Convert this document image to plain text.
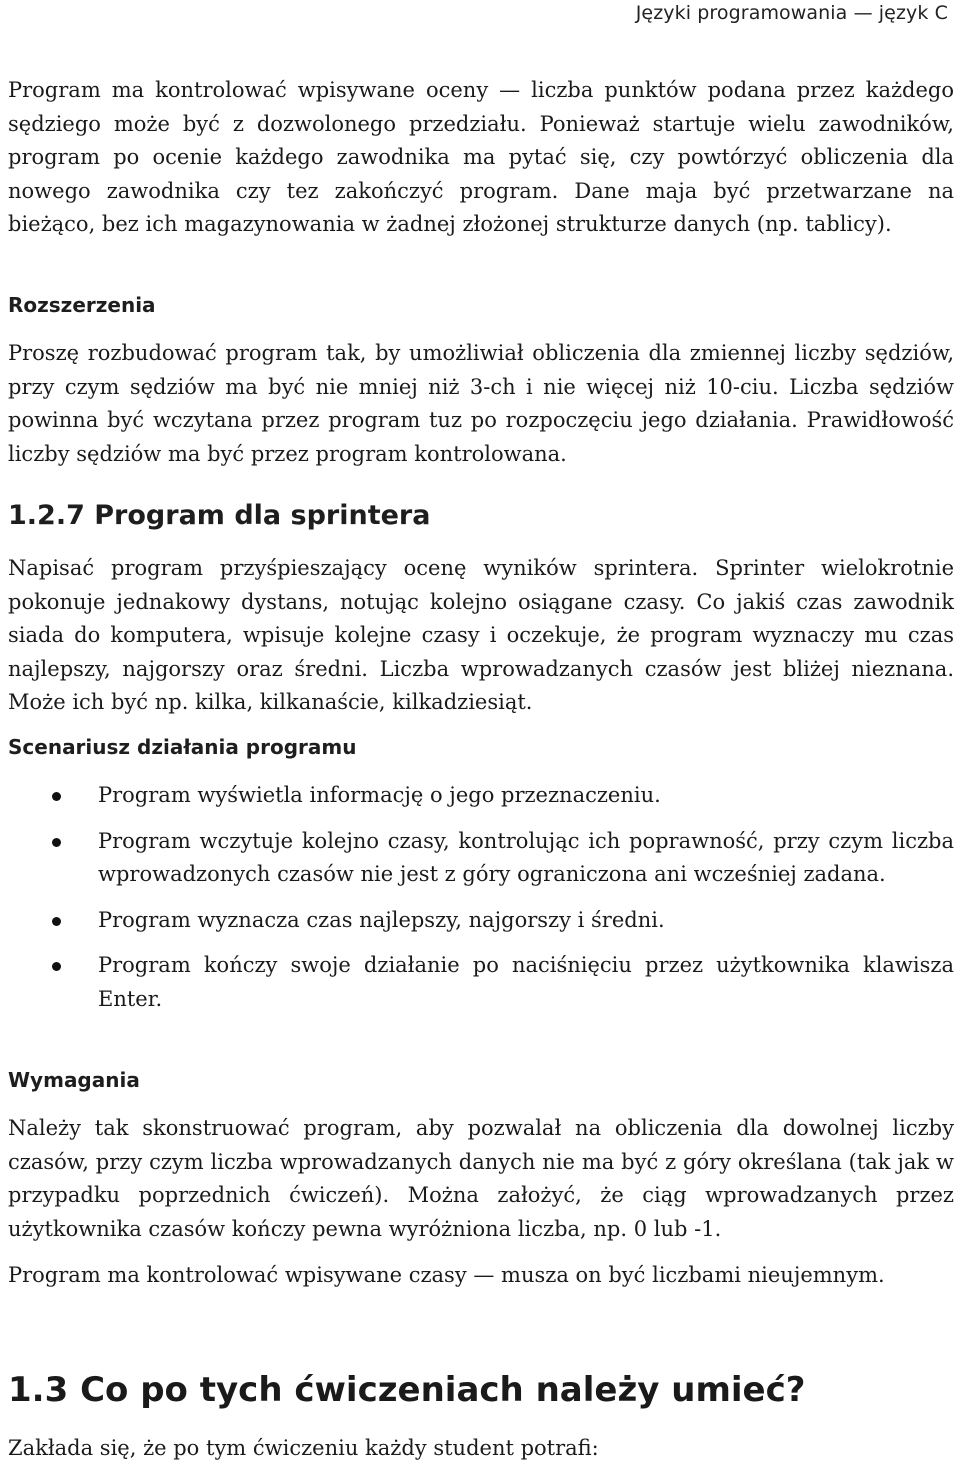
Języki programowania — język C

Program ma kontrolować wpisywane oceny — liczba punktów podana przez każdego sędziego może być z dozwolonego przedziału. Ponieważ startuje wielu zawodników, program po ocenie każdego zawodnika ma pytać się, czy powtórzyć obliczenia dla nowego zawodnika czy tez zakończyć program. Dane maja być przetwarzane na bieżąco, bez ich magazynowania w żadnej złożonej strukturze danych (np. tablicy).

Rozszerzenia

Proszę rozbudować program tak, by umożliwiał obliczenia dla zmiennej liczby sędziów, przy czym sędziów ma być nie mniej niż 3-ch i nie więcej niż 10-ciu. Liczba sędziów powinna być wczytana przez program tuz po rozpoczęciu jego działania. Prawidłowość liczby sędziów ma być przez program kontrolowana.

1.2.7 Program dla sprintera

Napisać program przyśpieszający ocenę wyników sprintera. Sprinter wielokrotnie pokonuje jednakowy dystans, notując kolejno osiągane czasy. Co jakiś czas zawodnik siada do komputera, wpisuje kolejne czasy i oczekuje, że program wyznaczy mu czas najlepszy, najgorszy oraz średni. Liczba wprowadzanych czasów jest bliżej nieznana. Może ich być np. kilka, kilkanaście, kilkadziesiąt.

Scenariusz działania programu
Program wyświetla informację o jego przeznaczeniu.
Program wczytuje kolejno czasy, kontrolując ich poprawność, przy czym liczba wprowadzonych czasów nie jest z góry ograniczona ani wcześniej zadana.
Program wyznacza czas najlepszy, najgorszy i średni.
Program kończy swoje działanie po naciśnięciu przez użytkownika klawisza Enter.
Wymagania

Należy tak skonstruować program, aby pozwalał na obliczenia dla dowolnej liczby czasów, przy czym liczba wprowadzanych danych nie ma być z góry określana (tak jak w przypadku poprzednich ćwiczeń). Można założyć, że ciąg wprowadzanych przez użytkownika czasów kończy pewna wyróżniona liczba, np. 0 lub -1.

Program ma kontrolować wpisywane czasy — musza on być liczbami nieujemnym.

1.3 Co po tych ćwiczeniach należy umieć?

Zakłada się, że po tym ćwiczeniu każdy student potrafi:
